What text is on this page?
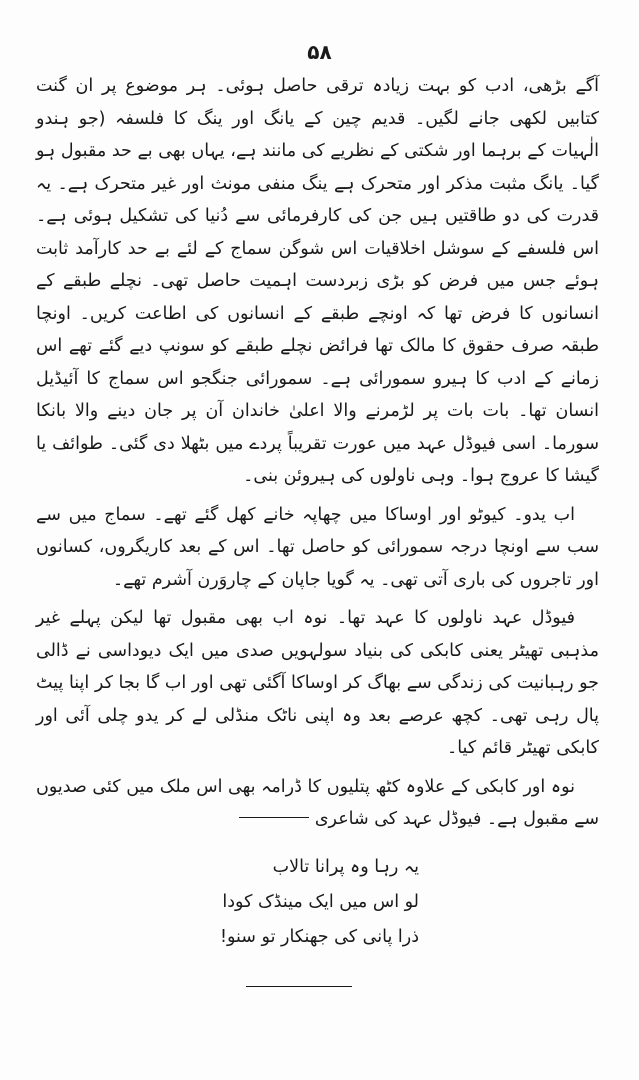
۵۸

آگے بڑھی، ادب کو بہت زیادہ ترقی حاصل ہوئی۔ ہر موضوع پر ان گنت کتابیں لکھی جانے لگیں۔ قدیم چین کے یانگ اور ینگ کا فلسفہ (جو ہندو الٰہیات کے برہما اور شکتی کے نظریے کی مانند ہے، یہاں بھی بے حد مقبول ہو گیا۔ یانگ مثبت مذکر اور متحرک ہے ینگ منفی مونث اور غیر متحرک ہے۔ یہ قدرت کی دو طاقتیں ہیں جن کی کارفرمائی سے دُنیا کی تشکیل ہوئی ہے۔ اس فلسفے کے سوشل اخلاقیات اس شوگن سماج کے لئے بے حد کارآمد ثابت ہوئے جس میں فرض کو بڑی زبردست اہمیت حاصل تھی۔ نچلے طبقے کے انسانوں کا فرض تھا کہ اونچے طبقے کے انسانوں کی اطاعت کریں۔ اونچا طبقہ صرف حقوق کا مالک تھا فرائض نچلے طبقے کو سونپ دیے گئے تھے اس زمانے کے ادب کا ہیرو سمورائی ہے۔ سمورائی جنگجو اس سماج کا آئیڈیل انسان تھا۔ بات بات پر لڑمرنے والا اعلیٰ خاندان آن پر جان دینے والا بانکا سورما۔ اسی فیوڈل عہد میں عورت تقریباً پردے میں بٹھلا دی گئی۔ طوائف یا گیشا کا عروج ہوا۔ وہی ناولوں کی ہیروئن بنی۔

اب یدو۔ کیوٹو اور اوساکا میں چھاپہ خانے کھل گئے تھے۔ سماج میں سے سب سے اونچا درجہ سمورائی کو حاصل تھا۔ اس کے بعد کاریگروں، کسانوں اور تاجروں کی باری آتی تھی۔ یہ گویا جاپان کے چاروَرن آشرم تھے۔

فیوڈل عہد ناولوں کا عہد تھا۔ نوہ اب بھی مقبول تھا لیکن پہلے غیر مذہبی تھیٹر یعنی کابکی کی بنیاد سولہویں صدی میں ایک دیوداسی نے ڈالی جو رہبانیت کی زندگی سے بھاگ کر اوساکا آگئی تھی اور اب گا بجا کر اپنا پیٹ پال رہی تھی۔ کچھ عرصے بعد وہ اپنی ناٹک منڈلی لے کر یدو چلی آئی اور کابکی تھیٹر قائم کیا۔

نوہ اور کابکی کے علاوہ کٹھ پتلیوں کا ڈرامہ بھی اس ملک میں کئی صدیوں سے مقبول ہے۔ فیوڈل عہد کی شاعری

یہ رہا وہ پرانا تالاب
لو اس میں ایک مینڈک کودا
ذرا پانی کی جھنکار تو سنو!
